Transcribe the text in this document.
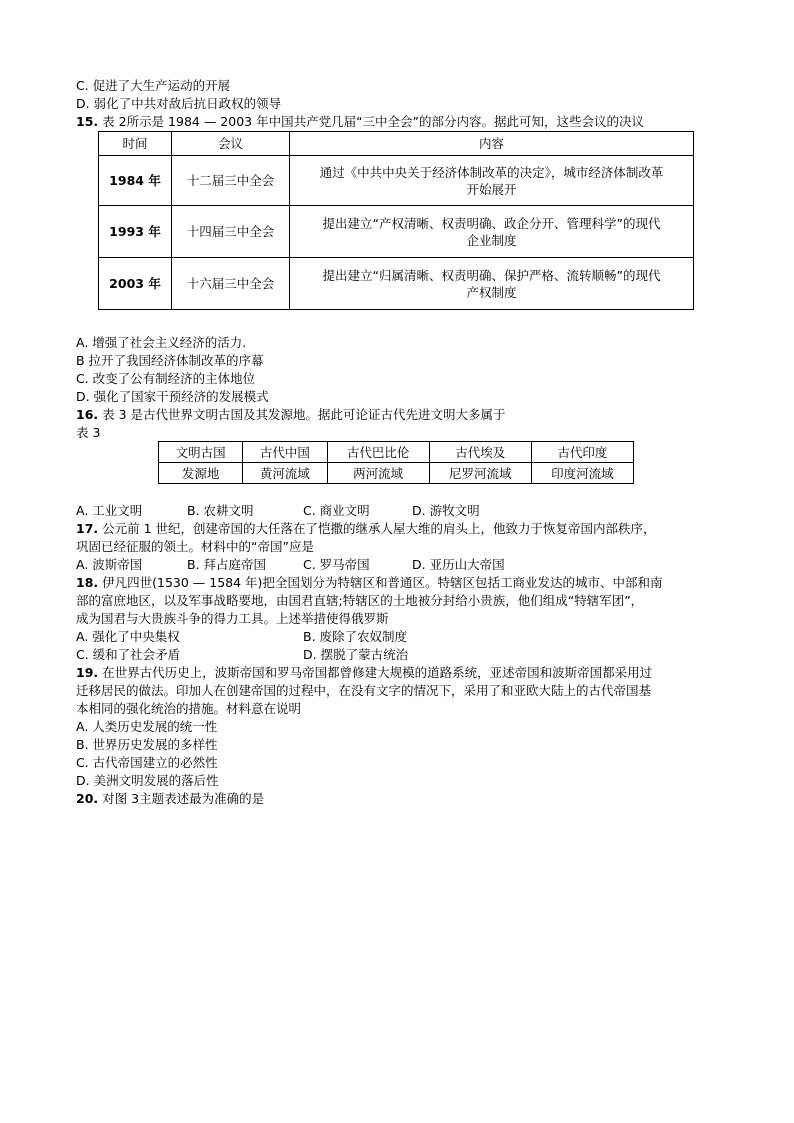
C. 促进了大生产运动的开展
D. 弱化了中共对敌后抗日政权的领导
15. 表 2所示是 1984 — 2003 年中国共产党几届“三中全会”的部分内容。据此可知，这些会议的决议
时间	会议	内容
1984 年	十二届三中全会	通过《中共中央关于经济体制改革的决定》，城市经济体制改革
开始展开

1993 年	十四届三中全会	提出建立“产权清晰、权责明确、政企分开、管理科学”的现代
企业制度

2003 年	十六届三中全会	提出建立“归属清晰、权责明确、保护严格、流转顺畅”的现代
产权制度
A. 增强了社会主义经济的活力.
B 拉开了我国经济体制改革的序幕
C. 改变了公有制经济的主体地位
D. 强化了国家干预经济的发展模式
16. 表 3 是古代世界文明古国及其发源地。据此可论证古代先进文明大多属于
表 3
文明古国	古代中国	古代巴比伦	古代埃及	古代印度
发源地	黄河流域	两河流域	尼罗河流域	印度河流域
A. 工业文明	B. 农耕文明	C. 商业文明	D. 游牧文明
17. 公元前 1 世纪，创建帝国的大任落在了恺撒的继承人屋大维的肩头上，他致力于恢复帝国内部秩序，
巩固已经征服的领土。材料中的“帝国”应是
A. 波斯帝国	B. 拜占庭帝国	C. 罗马帝国	D. 亚历山大帝国
18. 伊凡四世(1530 — 1584 年)把全国划分为特辖区和普通区。特辖区包括工商业发达的城市、中部和南
部的富庶地区，以及军事战略要地，由国君直辖;特辖区的土地被分封给小贵族，他们组成“特辖军团”，
成为国君与大贵族斗争的得力工具。上述举措使得俄罗斯
A. 强化了中央集权	B. 废除了农奴制度
C. 缓和了社会矛盾	D. 摆脱了蒙古统治
19. 在世界古代历史上，波斯帝国和罗马帝国都曾修建大规模的道路系统，亚述帝国和波斯帝国都采用过
迁移居民的做法。印加人在创建帝国的过程中，在没有文字的情况下，采用了和亚欧大陆上的古代帝国基
本相同的强化统治的措施。材料意在说明
A. 人类历史发展的统一性
B. 世界历史发展的多样性
C. 古代帝国建立的必然性
D. 美洲文明发展的落后性
20. 对图 3主题表述最为准确的是
